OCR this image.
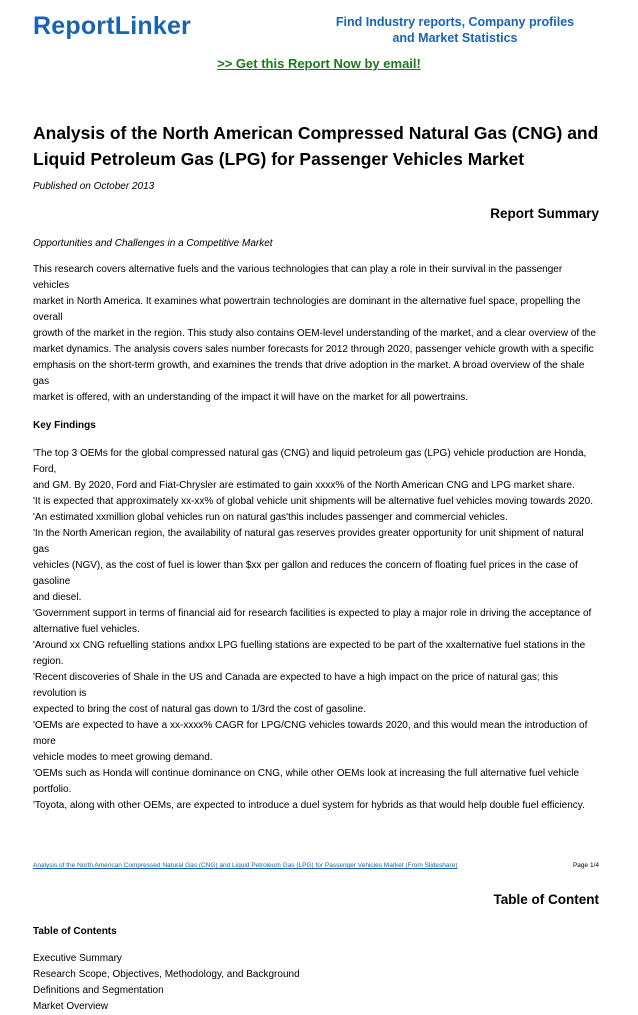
ReportLinker	Find Industry reports, Company profiles
and Market Statistics
>> Get this Report Now by email!
Analysis of the North American Compressed Natural Gas (CNG) and
Liquid Petroleum Gas (LPG) for Passenger Vehicles Market
Published on October 2013
Report Summary
Opportunities and Challenges in a Competitive Market
This research covers alternative fuels and the various technologies that can play a role in their survival in the passenger vehicles
market in North America. It examines what powertrain technologies are dominant in the alternative fuel space, propelling the overall
growth of the market in the region. This study also contains OEM-level understanding of the market, and a clear overview of the
market dynamics. The analysis covers sales number forecasts for 2012 through 2020, passenger vehicle growth with a specific
emphasis on the short-term growth, and examines the trends that drive adoption in the market. A broad overview of the shale gas
market is offered, with an understanding of the impact it will have on the market for all powertrains.
Key Findings
'The top 3 OEMs for the global compressed natural gas (CNG) and liquid petroleum gas (LPG) vehicle production are Honda, Ford,
and GM. By 2020, Ford and Fiat-Chrysler are estimated to gain xxxx% of the North American CNG and LPG market share.
'It is expected that approximately xx-xx% of global vehicle unit shipments will be alternative fuel vehicles moving towards 2020.
'An estimated xxmillion global vehicles run on natural gas'this includes passenger and commercial vehicles.
'In the North American region, the availability of natural gas reserves provides greater opportunity for unit shipment of natural gas
vehicles (NGV), as the cost of fuel is lower than $xx per gallon and reduces the concern of floating fuel prices in the case of gasoline
and diesel.
'Government support in terms of financial aid for research facilities is expected to play a major role in driving the acceptance of
alternative fuel vehicles.
'Around xx CNG refuelling stations andxx LPG fuelling stations are expected to be part of the xxalternative fuel stations in the region.
'Recent discoveries of Shale in the US and Canada are expected to have a high impact on the price of natural gas; this revolution is
expected to bring the cost of natural gas down to 1/3rd the cost of gasoline.
'OEMs are expected to have a xx-xxxx% CAGR for LPG/CNG vehicles towards 2020, and this would mean the introduction of more
vehicle modes to meet growing demand.
'OEMs such as Honda will continue dominance on CNG, while other OEMs look at increasing the full alternative fuel vehicle portfolio.
'Toyota, along with other OEMs, are expected to introduce a duel system for hybrids as that would help double fuel efficiency.
Table of Content
Table of Contents
Executive Summary
Research Scope, Objectives, Methodology, and Background
Definitions and Segmentation
Market Overview
Analysis of the North American Compressed Natural Gas (CNG) and Liquid Petroleum Gas (LPG) for Passenger Vehicles Market (From Slideshare)	Page 1/4
